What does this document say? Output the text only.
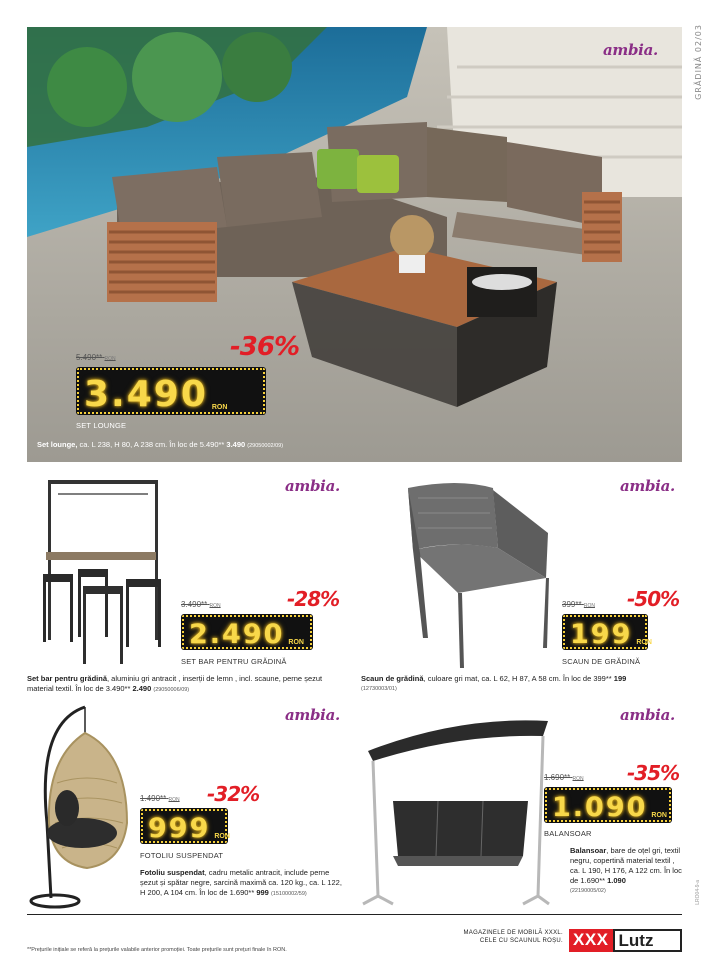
GRĂDINĂ 02/03
LRO04-9-a
ambia.
5.490** RON	-36%
3.490 RON
SET LOUNGE
Set lounge, ca. L 238, H 80, A 238 cm. În loc de 5.490** 3.490 (29050002/09)
ambia.
3.490** RON	-28%
2.490 RON
SET BAR PENTRU GRĂDINĂ
Set bar pentru grădină, aluminiu gri antracit , inserții de lemn , incl. scaune, perne șezut material textil. În loc de 3.490** 2.490 (29050006/09)
ambia.
399** RON -50%
199 RON
SCAUN DE GRĂDINĂ
Scaun de grădină, culoare gri mat, ca. L 62, H 87, A 58 cm. În loc de 399** 199
(12730003/01)
ambia.
1.490** RON -32%
999 RON
FOTOLIU SUSPENDAT
Fotoliu suspendat, cadru metalic antracit, include perne șezut și spătar negre, sarcină maximă ca. 120 kg., ca. L 122, H 200, A 104 cm. În loc de 1.690** 999 (15100002/59)
ambia.
1.690** RON -35%
1.090 RON
BALANSOAR
Balansoar, bare de oțel gri, textil negru, copertină material textil , ca. L 190, H 176, A 122 cm. În loc de 1.690** 1.090
(22190005/02)
MAGAZINELE DE MOBILĂ XXXL.
CELE CU SCAUNUL ROȘU. XXX Lutz
**Prețurile inițiale se referă la prețurile valabile anterior promoției. Toate prețurile sunt prețuri finale în RON.
